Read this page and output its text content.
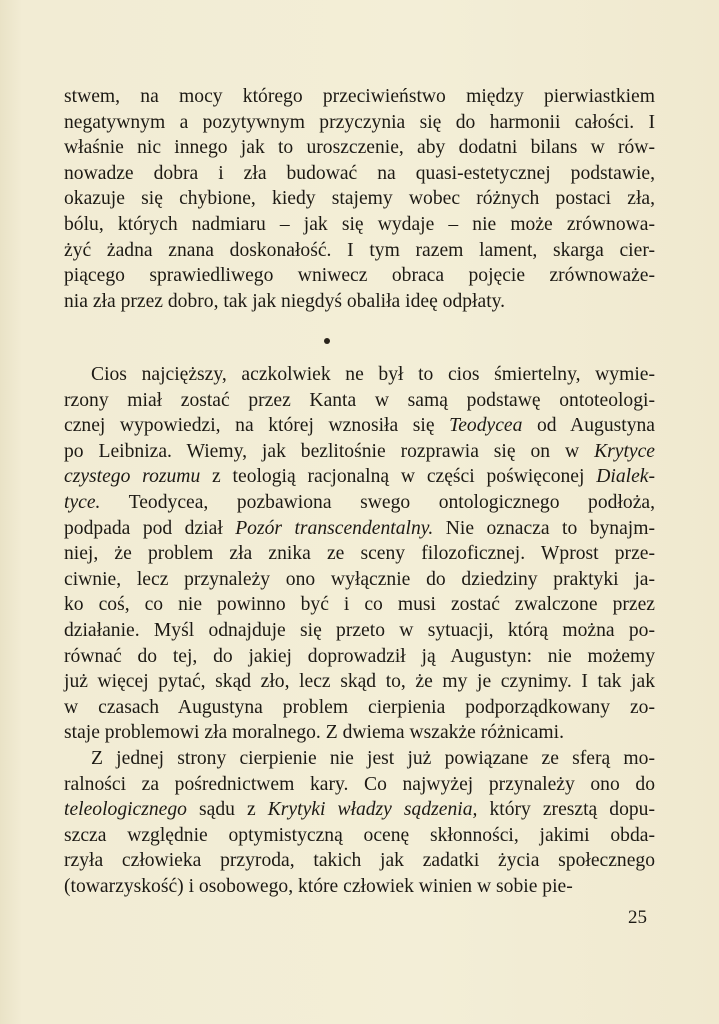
stwem, na mocy którego przeciwieństwo między pierwiastkiem
negatywnym a pozytywnym przyczynia się do harmonii całości. I
właśnie nic innego jak to uroszczenie, aby dodatni bilans w rów-
nowadze dobra i zła budować na quasi-estetycznej podstawie,
okazuje się chybione, kiedy stajemy wobec różnych postaci zła,
bólu, których nadmiaru – jak się wydaje – nie może zrównowa-
żyć żadna znana doskonałość. I tym razem lament, skarga cier-
piącego sprawiedliwego wniwecz obraca pojęcie zrównoważe-
nia zła przez dobro, tak jak niegdyś obaliła ideę odpłaty.
Cios najcięższy, aczkolwiek ne był to cios śmiertelny, wymie-
rzony miał zostać przez Kanta w samą podstawę ontoteologi-
cznej wypowiedzi, na której wznosiła się Teodycea od Augustyna
po Leibniza. Wiemy, jak bezlitośnie rozprawia się on w Krytyce
czystego rozumu z teologią racjonalną w części poświęconej Dialek-
tyce. Teodycea, pozbawiona swego ontologicznego podłoża,
podpada pod dział Pozór transcendentalny. Nie oznacza to bynajm-
niej, że problem zła znika ze sceny filozoficznej. Wprost prze-
ciwnie, lecz przynależy ono wyłącznie do dziedziny praktyki ja-
ko coś, co nie powinno być i co musi zostać zwalczone przez
działanie. Myśl odnajduje się przeto w sytuacji, którą można po-
równać do tej, do jakiej doprowadził ją Augustyn: nie możemy
już więcej pytać, skąd zło, lecz skąd to, że my je czynimy. I tak jak
w czasach Augustyna problem cierpienia podporządkowany zo-
staje problemowi zła moralnego. Z dwiema wszakże różnicami.
Z jednej strony cierpienie nie jest już powiązane ze sferą mo-
ralności za pośrednictwem kary. Co najwyżej przynależy ono do
teleologicznego sądu z Krytyki władzy sądzenia, który zresztą dopu-
szcza względnie optymistyczną ocenę skłonności, jakimi obda-
rzyła człowieka przyroda, takich jak zadatki życia społecznego
(towarzyskość) i osobowego, które człowiek winien w sobie pie-
25
